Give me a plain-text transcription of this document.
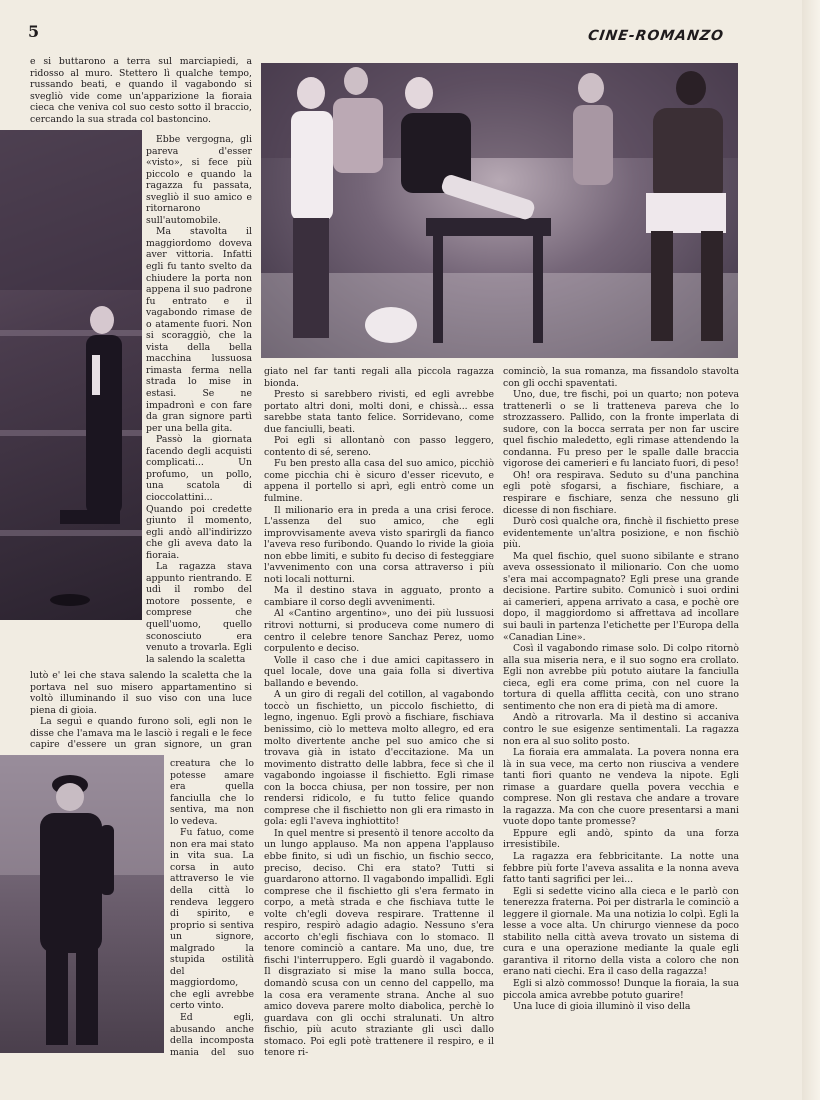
5	CINE-ROMANZO

e si buttarono a terra sul marciapiedi, a ridosso al muro. Stettero lì qualche tempo, russando beati, e quando il vagabondo si svegliò vide come un'apparizione la fioraia cieca che veniva col suo cesto sotto il braccio, cercando la sua strada col bastoncino.

Ebbe vergogna, gli pareva d'esser «visto», si fece più piccolo e quando la ragazza fu passata, svegliò il suo amico e ritornarono sull'automobile.

Ma stavolta il maggiordomo doveva aver vittoria. Infatti egli fu tanto svelto da chiudere la porta non appena il suo padrone fu entrato e il vagabondo rimase de o atamente fuori. Non si scoraggiò, che la vista della bella macchina lussuosa rimasta ferma nella strada lo mise in estasi. Se ne impadronì e con fare da gran signore partì per una bella gita.

Passò la giornata facendo degli acquisti complicati... Un profumo, un pollo, una scatola di cioccolattini... Quando poi credette giunto il momento, egli andò all'indirizzo che gli aveva dato la fioraia.

La ragazza stava appunto rientrando. E udì il rombo del motore possente, e comprese che quell'uomo, quello sconosciuto era venuto a trovarla. Egli la salendo la scaletta

lutò e' lei che stava salendo la scaletta che la portava nel suo misero appartamentino si voltò illuminando il suo viso con una luce piena di gioia.

La seguì e quando furono soli, egli non le disse che l'amava ma le lasciò i regali e le fece capire d'essere un gran signore, un gran

creatura che lo potesse amare era quella fanciulla che lo sentiva, ma non lo vedeva.

Fu fatuo, come non era mai stato in vita sua. La corsa in auto attraverso le vie della città lo rendeva leggero di spirito, e proprio si sentiva un signore, malgrado la stupida ostilità del maggiordomo, che egli avrebbe certo vinto.

Ed egli, abusando anche della incomposta mania del suo

giato nel far tanti regali alla piccola ragazza bionda.

Presto si sarebbero rivisti, ed egli avrebbe portato altri doni, molti doni, e chissà... essa sarebbe stata tanto felice. Sorridevano, come due fanciulli, beati.

Poi egli si allontanò con passo leggero, contento di sé, sereno.

Fu ben presto alla casa del suo amico, picchiò come picchia chi è sicuro d'esser ricevuto, e appena il portello si aprì, egli entrò come un fulmine.

Il milionario era in preda a una crisi feroce. L'assenza del suo amico, che egli improvvisamente aveva visto sparirgli da fianco l'aveva reso furibondo. Quando lo rivide la gioia non ebbe limiti, e subito fu deciso di festeggiare l'avvenimento con una corsa attraverso i più noti locali notturni.

Ma il destino stava in agguato, pronto a cambiare il corso degli avvenimenti.

Al «Cantino argentino», uno dei più lussuosi ritrovi notturni, si produceva come numero di centro il celebre tenore Sanchaz Perez, uomo corpulento e deciso.

Volle il caso che i due amici capitassero in quel locale, dove una gaia folla si divertiva ballando e bevendo.

A un giro di regali del cotillon, al vagabondo toccò un fischietto, un piccolo fischietto, di legno, ingenuo. Egli provò a fischiare, fischiava benissimo, ciò lo metteva molto allegro, ed era molto divertente anche pel suo amico che si trovava già in istato d'eccitazione. Ma un movimento distratto delle labbra, fece sì che il vagabondo ingoiasse il fischietto. Egli rimase con la bocca chiusa, per non tossire, per non rendersi ridicolo, e fu tutto felice quando comprese che il fischietto non gli era rimasto in gola: egli l'aveva inghiottito!

In quel mentre si presentò il tenore accolto da un lungo applauso. Ma non appena l'applauso ebbe finito, si udì un fischio, un fischio secco, preciso, deciso. Chi era stato? Tutti si guardarono attorno. Il vagabondo impallidì. Egli comprese che il fischietto gli s'era fermato in corpo, a metà strada e che fischiava tutte le volte ch'egli doveva respirare. Trattenne il respiro, respirò adagio adagio. Nessuno s'era accorto ch'egli fischiava con lo stomaco. Il tenore cominciò a cantare. Ma uno, due, tre fischi l'interruppero. Egli guardò il vagabondo. Il disgraziato si mise la mano sulla bocca, domandò scusa con un cenno del cappello, ma la cosa era veramente strana. Anche al suo amico doveva parere molto diabolica, perchè lo guardava con gli occhi stralunati. Un altro fischio, più acuto straziante gli uscì dallo stomaco. Poi egli potè trattenere il respiro, e il tenore ri-

cominciò, la sua romanza, ma fissandolo stavolta con gli occhi spaventati.

Uno, due, tre fischi, poi un quarto; non poteva trattenerli o se li tratteneva pareva che lo strozzassero. Pallido, con la fronte imperlata di sudore, con la bocca serrata per non far uscire quel fischio maledetto, egli rimase attendendo la condanna. Fu preso per le spalle dalle braccia vigorose dei camerieri e fu lanciato fuori, di peso!

Oh! ora respirava. Seduto su d'una panchina egli potè sfogarsi, a fischiare, fischiare, a respirare e fischiare, senza che nessuno gli dicesse di non fischiare.

Durò così qualche ora, finchè il fischietto prese evidentemente un'altra posizione, e non fischiò più.

Ma quel fischio, quel suono sibilante e strano aveva ossessionato il milionario. Con che uomo s'era mai accompagnato? Egli prese una grande decisione. Partire subito. Comunicò i suoi ordini ai camerieri, appena arrivato a casa, e pochè ore dopo, il maggiordomo si affrettava ad incollare sui bauli in partenza l'etichette per l'Europa della «Canadian Line».

Così il vagabondo rimase solo. Di colpo ritornò alla sua miseria nera, e il suo sogno era crollato. Egli non avrebbe più potuto aiutare la fanciulla cieca, egli era come prima, con nel cuore la tortura di quella afflitta cecità, con uno strano sentimento che non era di pietà ma di amore.

Andò a ritrovarla. Ma il destino si accaniva contro le sue esigenze sentimentali. La ragazza non era al suo solito posto.

La fioraia era ammalata. La povera nonna era là in sua vece, ma certo non riusciva a vendere tanti fiori quanto ne vendeva la nipote. Egli rimase a guardare quella povera vecchia e comprese. Non gli restava che andare a trovare la ragazza. Ma con che cuore presentarsi a mani vuote dopo tante promesse?

Eppure egli andò, spinto da una forza irresistibile.

La ragazza era febbricitante. La notte una febbre più forte l'aveva assalita e la nonna aveva fatto tanti sagrifici per lei...

Egli si sedette vicino alla cieca e le parlò con tenerezza fraterna. Poi per distrarla le cominciò a leggere il giornale. Ma una notizia lo colpì. Egli la lesse a voce alta. Un chirurgo viennese da poco stabilito nella città aveva trovato un sistema di cura e una operazione mediante la quale egli garantiva il ritorno della vista a coloro che non erano nati ciechi. Era il caso della ragazza!

Egli si alzò commosso! Dunque la fioraia, la sua piccola amica avrebbe potuto guarire!

Una luce di gioia illuminò il viso della
